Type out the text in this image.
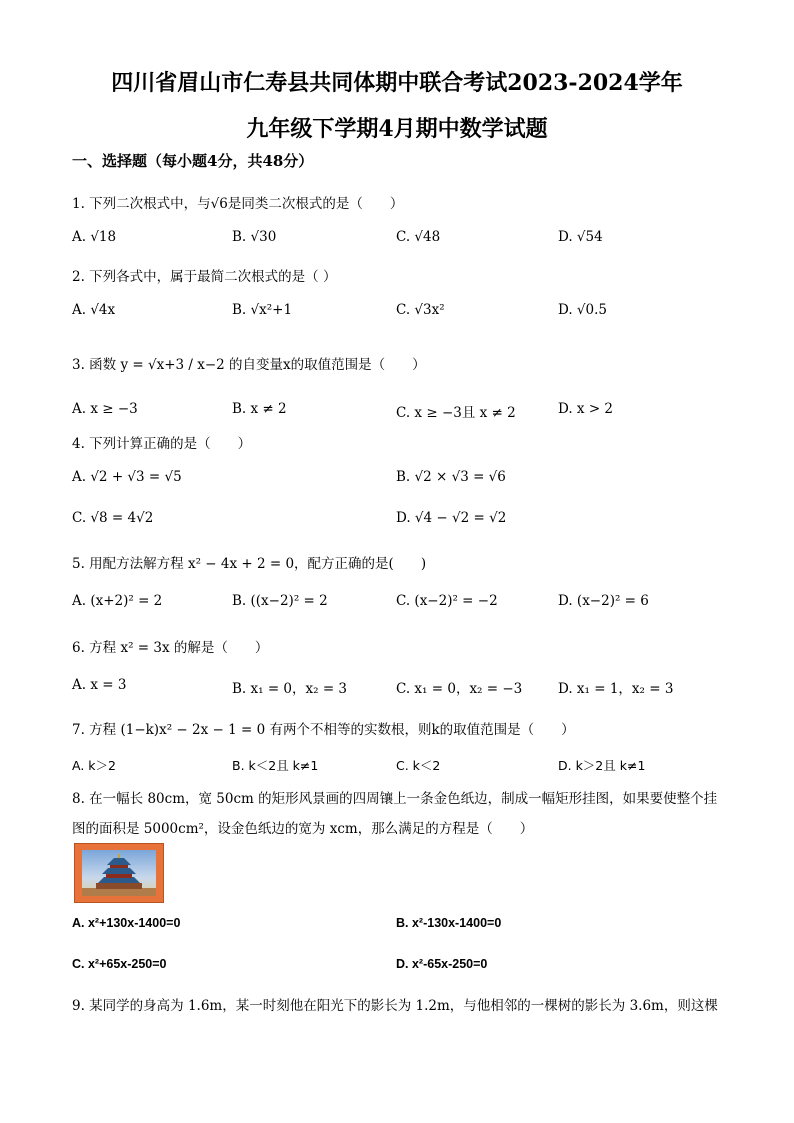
四川省眉山市仁寿县共同体期中联合考试2023-2024学年
九年级下学期4月期中数学试题
一、选择题（每小题4分，共48分）
1. 下列二次根式中，与√6是同类二次根式的是（　　）
A. √18	B. √30	C. √48	D. √54
2. 下列各式中，属于最简二次根式的是（ ）
A. √4x	B. √x²+1	C. √3x²	D. √0.5
3. 函数 y = √x+3 / x−2 的自变量x的取值范围是（　　）
A. x ≥ −3	B. x ≠ 2	C. x ≥ −3且 x ≠ 2	D. x > 2
4. 下列计算正确的是（　　）
A. √2 + √3 = √5	B. √2 × √3 = √6
C. √8 = 4√2	D. √4 − √2 = √2
5. 用配方法解方程 x² − 4x + 2 = 0，配方正确的是(　　)
A. (x+2)² = 2	B. ((x−2)² = 2	C. (x−2)² = −2	D. (x−2)² = 6
6. 方程 x² = 3x 的解是（　　）
A. x = 3	B. x₁ = 0，x₂ = 3	C. x₁ = 0，x₂ = −3	D. x₁ = 1，x₂ = 3
7. 方程 (1−k)x² − 2x − 1 = 0 有两个不相等的实数根，则k的取值范围是（　　）
A. k＞2	B. k＜2且 k≠1	C. k＜2	D. k＞2且 k≠1
8. 在一幅长 80cm，宽 50cm 的矩形风景画的四周镶上一条金色纸边，制成一幅矩形挂图，如果要使整个挂
图的面积是 5000cm²，设金色纸边的宽为 xcm，那么满足的方程是（　　）
A. x²+130x-1400=0	B. x²-130x-1400=0
C. x²+65x-250=0	D. x²-65x-250=0
9. 某同学的身高为 1.6m，某一时刻他在阳光下的影长为 1.2m，与他相邻的一棵树的影长为 3.6m，则这棵
